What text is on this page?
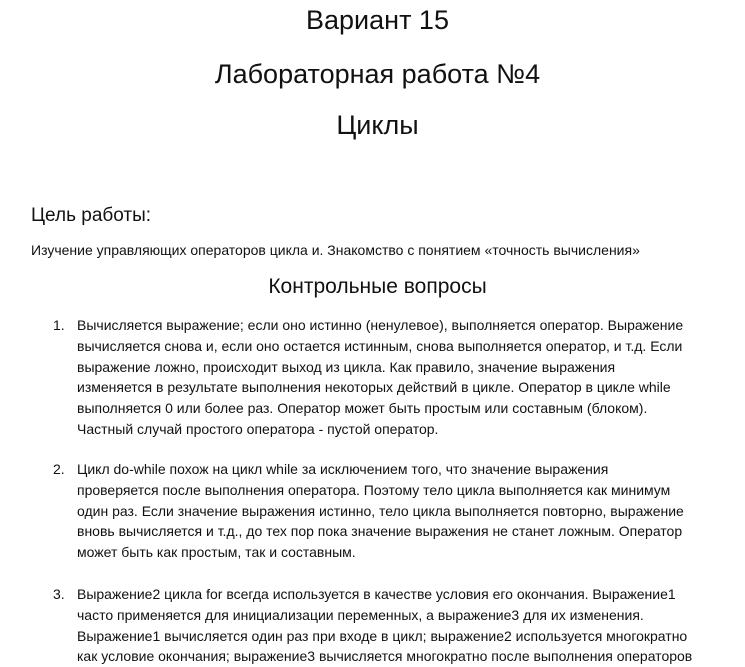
Вариант 15
Лабораторная работа №4
Циклы
Цель работы:
Изучение управляющих операторов цикла и. Знакомство с понятием «точность вычисления»
Контрольные вопросы
1. Вычисляется выражение; если оно истинно (ненулевое), выполняется оператор. Выражение
вычисляется снова и, если оно остается истинным, снова выполняется оператор, и т.д. Если
выражение ложно, происходит выход из цикла. Как правило, значение выражения
изменяется в результате выполнения некоторых действий в цикле. Оператор в цикле while
выполняется 0 или более раз. Оператор может быть простым или составным (блоком).
Частный случай простого оператора - пустой оператор.
2. Цикл do-while похож на цикл while за исключением того, что значение выражения
проверяется после выполнения оператора. Поэтому тело цикла выполняется как минимум
один раз. Если значение выражения истинно, тело цикла выполняется повторно, выражение
вновь вычисляется и т.д., до тех пор пока значение выражения не станет ложным. Оператор
может быть как простым, так и составным.
3. Выражение2 цикла for всегда используется в качестве условия его окончания. Выражение1
часто применяется для инициализации переменных, а выражение3 для их изменения.
Выражение1 вычисляется один раз при входе в цикл; выражение2 используется многократно
как условие окончания; выражение3 вычисляется многократно после выполнения операторов
